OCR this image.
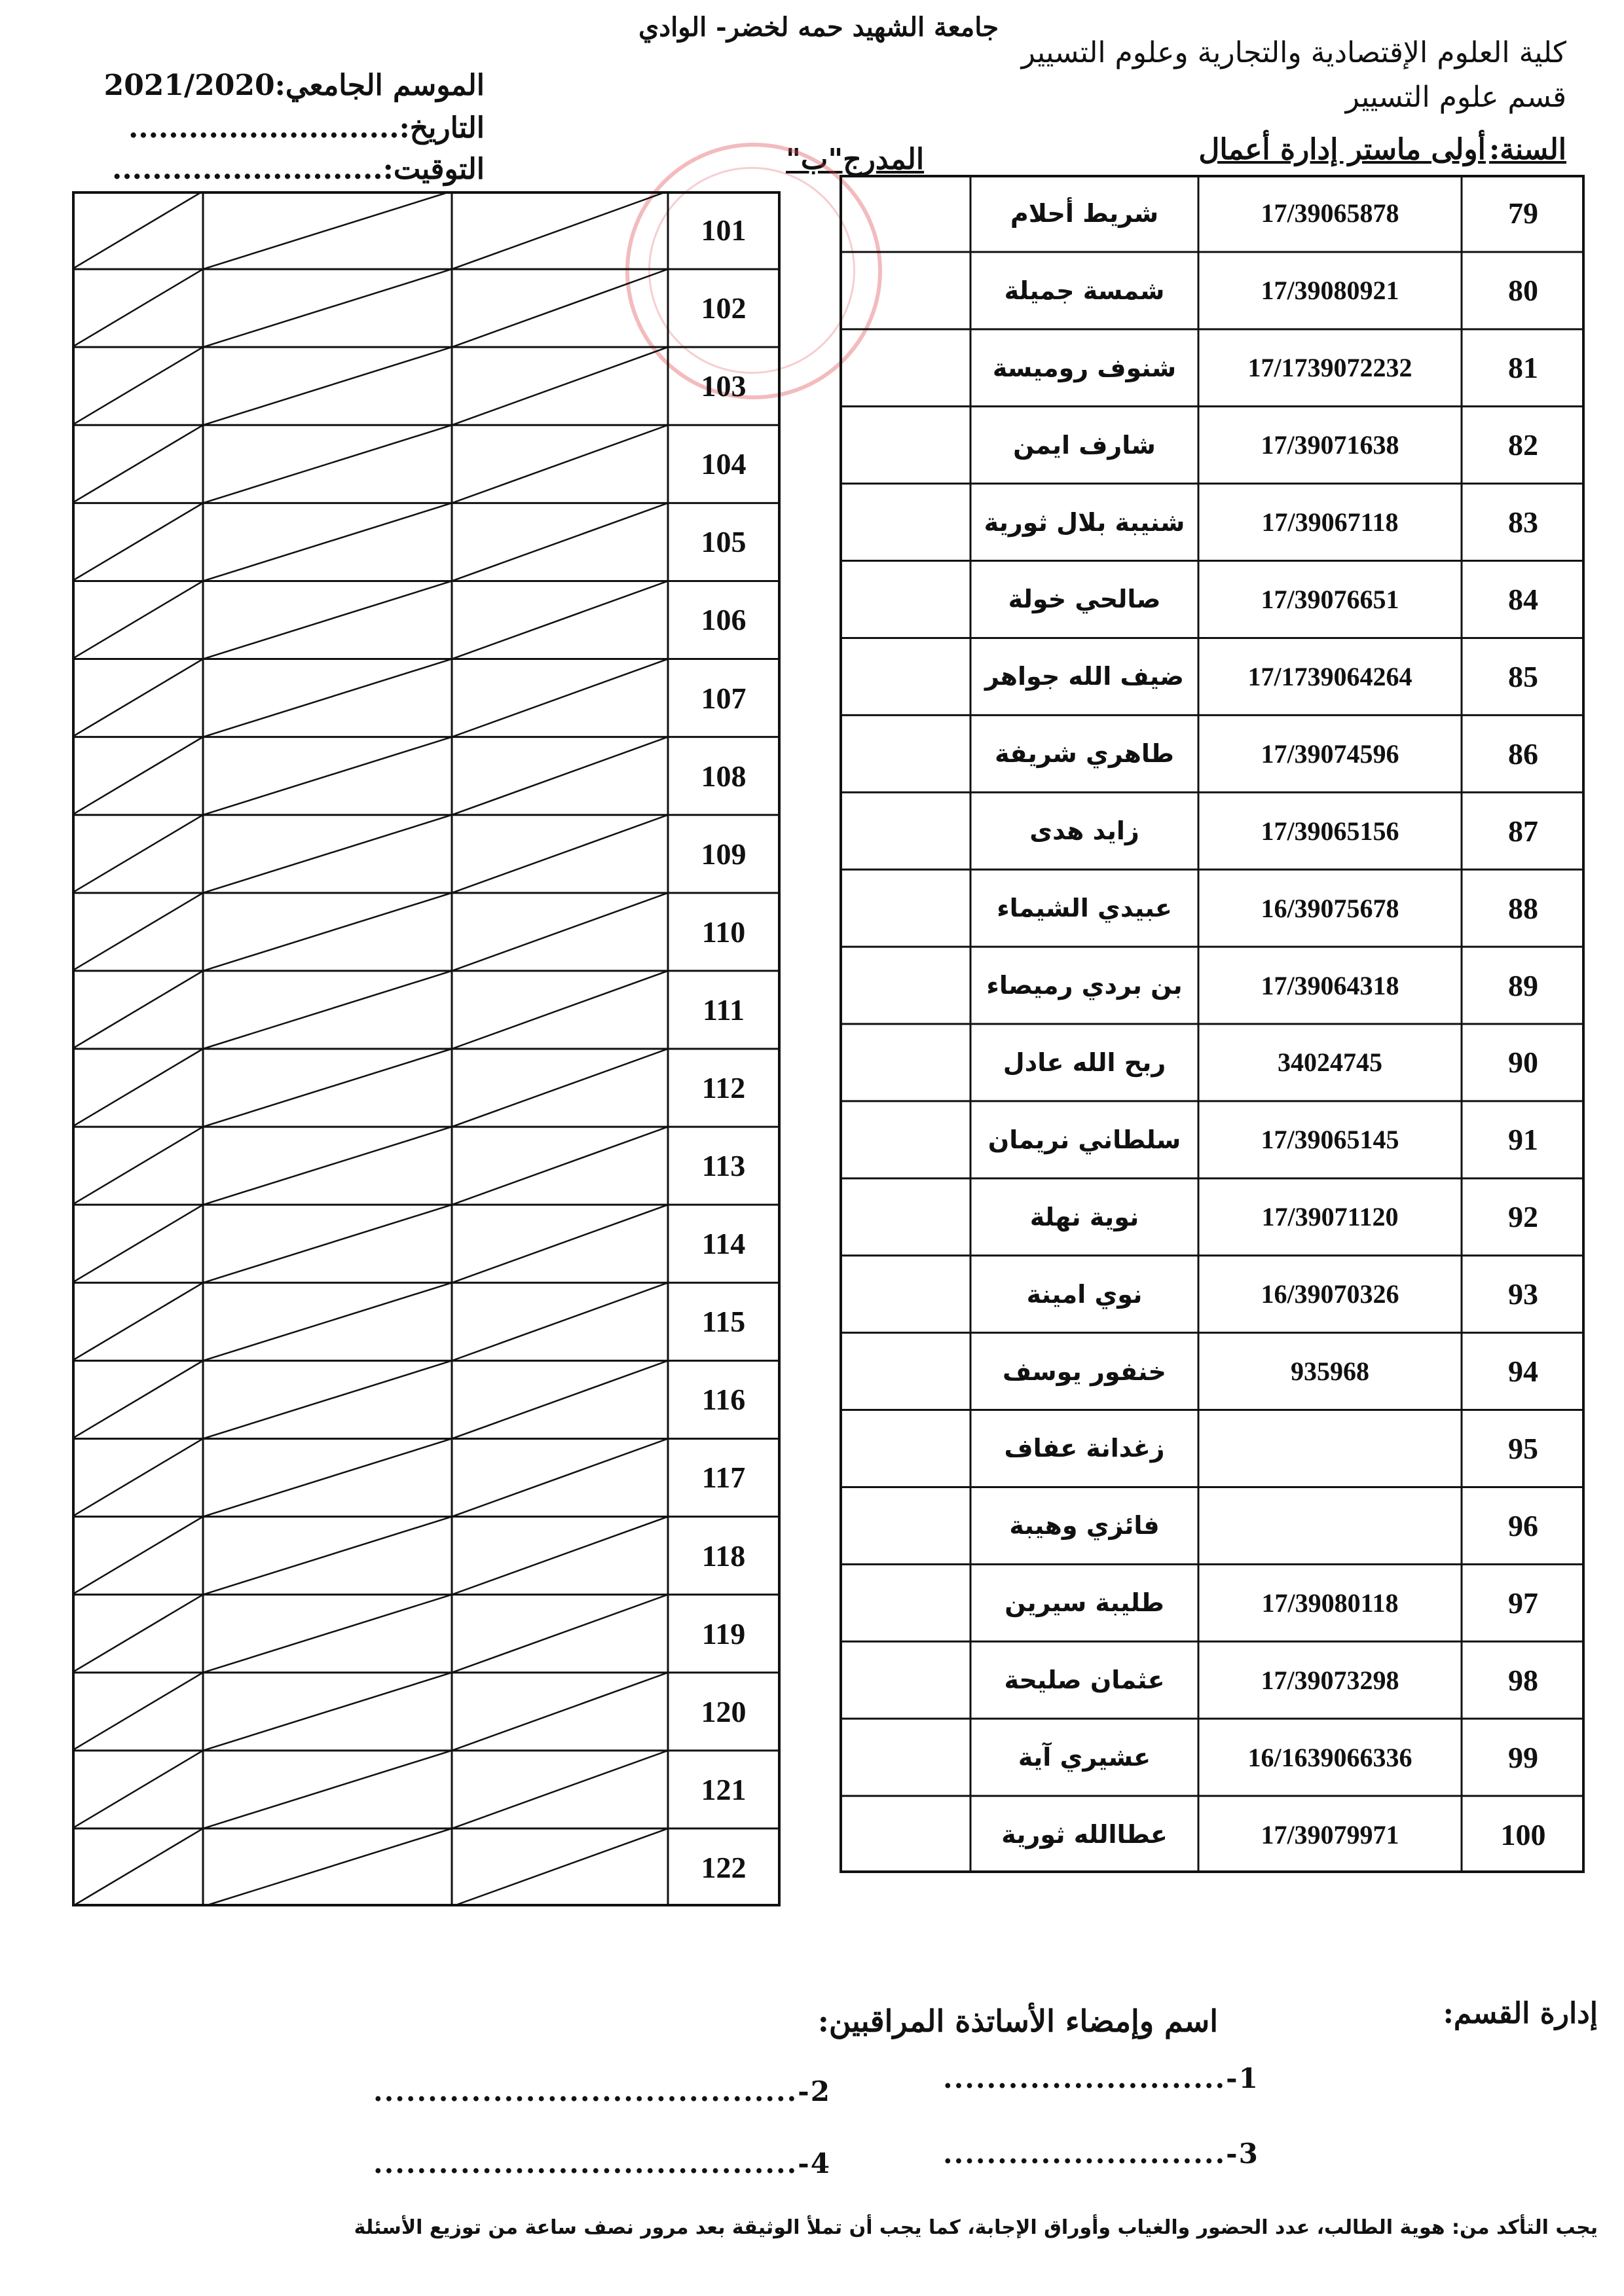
جامعة الشهيد حمه لخضر- الوادي
كلية العلوم الإقتصادية والتجارية وعلوم التسيير
قسم علوم التسيير
السنة: أولى ماستر إدارة أعمال
المدرج"ب"
الموسم الجامعي:2021/2020
التاريخ:...........................
التوقيت:...........................
79
17/39065878
شريط أحلام
80
17/39080921
شمسة جميلة
81
17/1739072232
شنوف روميسة
82
17/39071638
شارف ايمن
83
17/39067118
شنيبة بلال ثورية
84
17/39076651
صالحي خولة
85
17/1739064264
ضيف الله جواهر
86
17/39074596
طاهري شريفة
87
17/39065156
زايد هدى
88
16/39075678
عبيدي الشيماء
89
17/39064318
بن بردي رميصاء
90
34024745
ربح الله عادل
91
17/39065145
سلطاني نريمان
92
17/39071120
نوية نهلة
93
16/39070326
نوي امينة
94
935968
خنفور يوسف
95
زغدانة عفاف
96
فائزي وهيبة
97
17/39080118
طليبة سيرين
98
17/39073298
عثمان صليحة
99
16/1639066336
عشيري آية
100
17/39079971
عطاالله ثورية
101
102
103
104
105
106
107
108
109
110
111
112
113
114
115
116
117
118
119
120
121
122
إدارة القسم:
اسم وإمضاء الأساتذة المراقبين:
1-..........................
2-.......................................
3-..........................
4-.......................................
يجب التأكد من: هوية الطالب، عدد الحضور والغياب وأوراق الإجابة، كما يجب أن تملأ الوثيقة بعد مرور نصف ساعة من توزيع الأسئلة
